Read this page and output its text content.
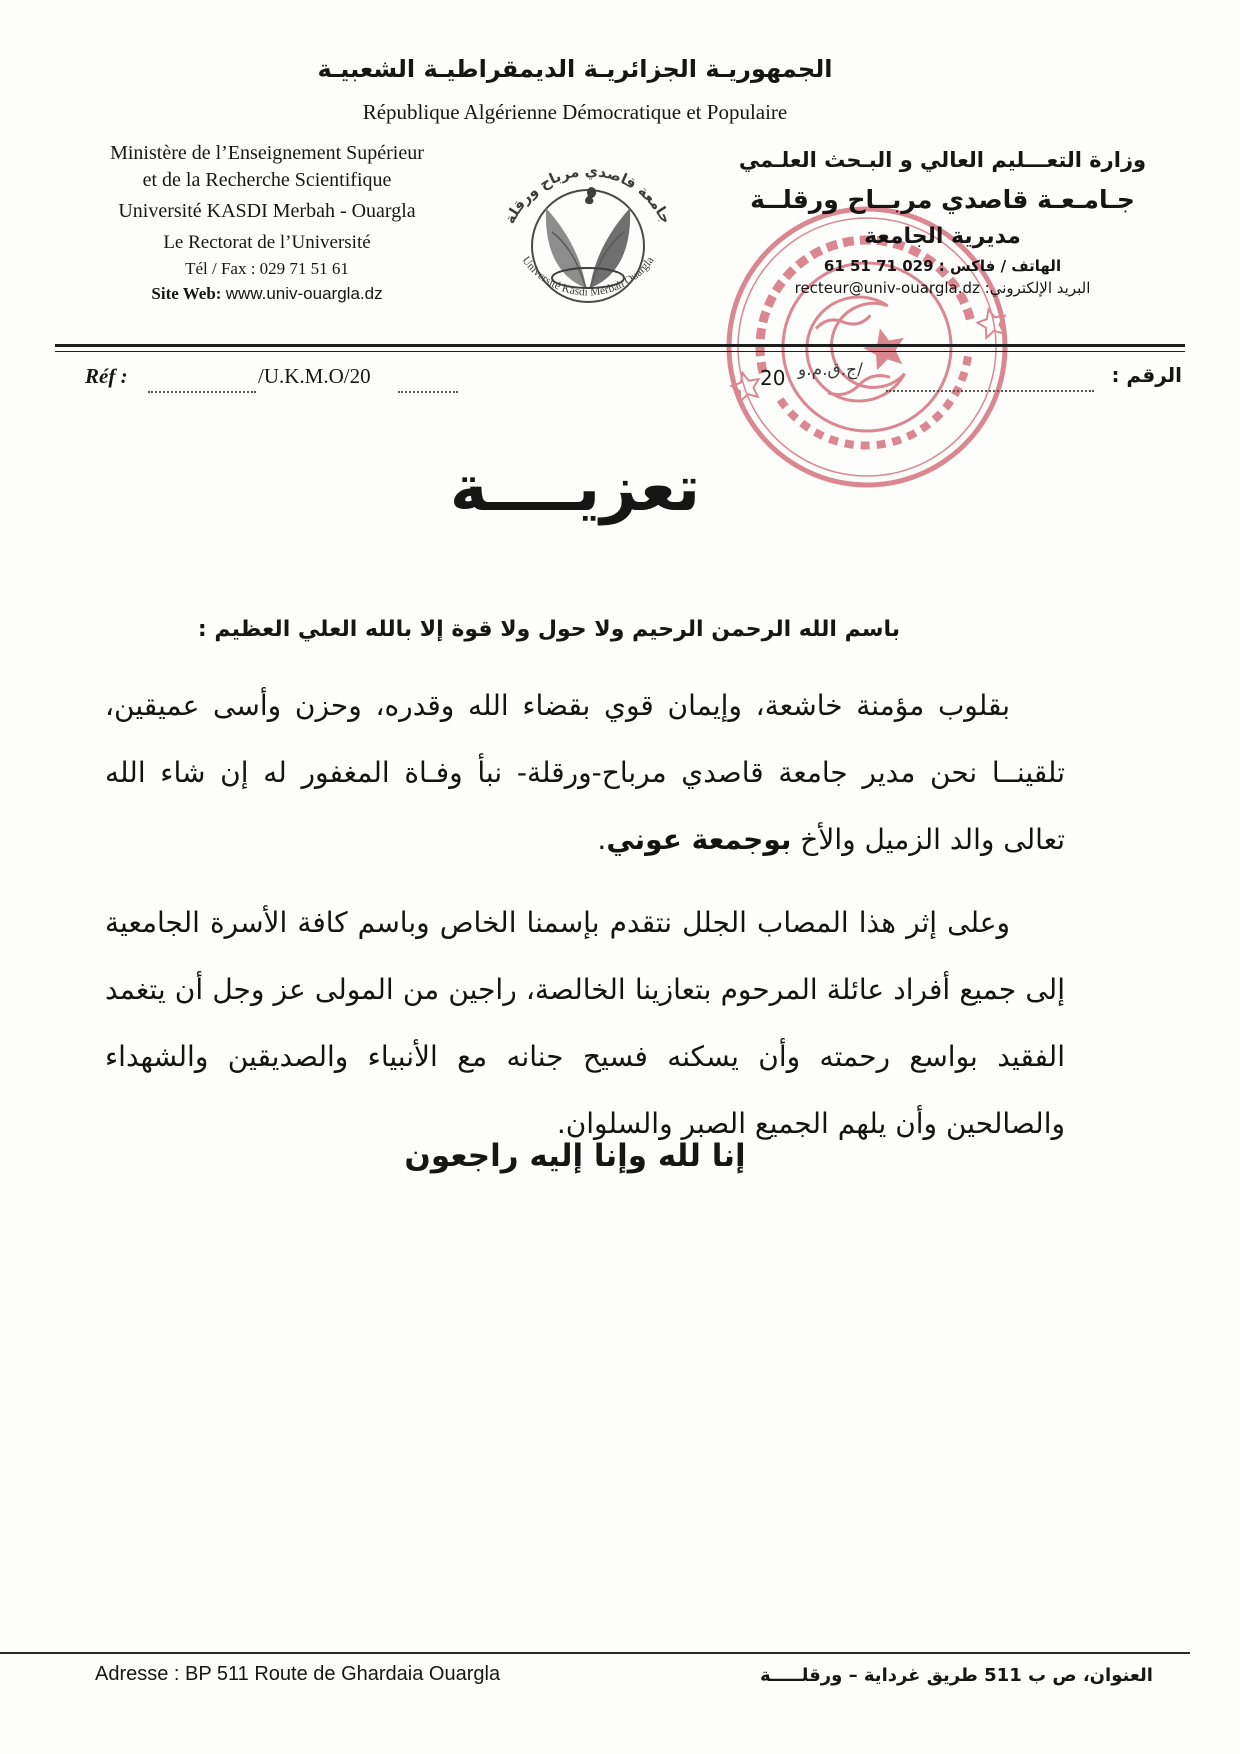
الجمهوريـة الجزائريـة الديمقراطيـة الشعبيـة
République Algérienne Démocratique et Populaire
Ministère de l’Enseignement Supérieur
et de la Recherche Scientifique
Université KASDI Merbah - Ouargla
Le Rectorat de l’Université
Tél / Fax : 029 71 51 61
Site Web: www.univ-ouargla.dz
جامعة قاصدي مرباح ورقلة
Université Kasdi Merbah Ouargla
وزارة التعـــليم العالي و البـحث العلـمي
جـامـعـة قاصدي مربــاح ورقلــة
مديرية الجامعة
الهاتف / فاكس : 029 71 51 61
البريد الإلكتروني: recteur@univ-ouargla.dz
Réf :	/U.K.M.O/20	الرقم :
/ج.ق.م.و
20
تعزيــــة
باسم الله الرحمن الرحيم ولا حول ولا قوة إلا بالله العلي العظيم :

بقلوب مؤمنة خاشعة، وإيمان قوي بقضاء الله وقدره، وحزن وأسى عميقين، تلقينــا نحن مدير جامعة قاصدي مرباح-ورقلة- نبأ وفـاة المغفور له إن شاء الله تعالى والد الزميل والأخ بوجمعة عوني.

وعلى إثر هذا المصاب الجلل نتقدم بإسمنا الخاص وباسم كافة الأسرة الجامعية إلى جميع أفراد عائلة المرحوم بتعازينا الخالصة، راجين من المولى عز وجل أن يتغمد الفقيد بواسع رحمته وأن يسكنه فسيح جنانه مع الأنبياء والصديقين والشهداء والصالحين وأن يلهم الجميع الصبر والسلوان.

إنا لله وإنا إليه راجعون
Adresse : BP 511 Route de Ghardaia Ouargla	العنوان، ص ب 511 طريق غرداية – ورقلـــــة
